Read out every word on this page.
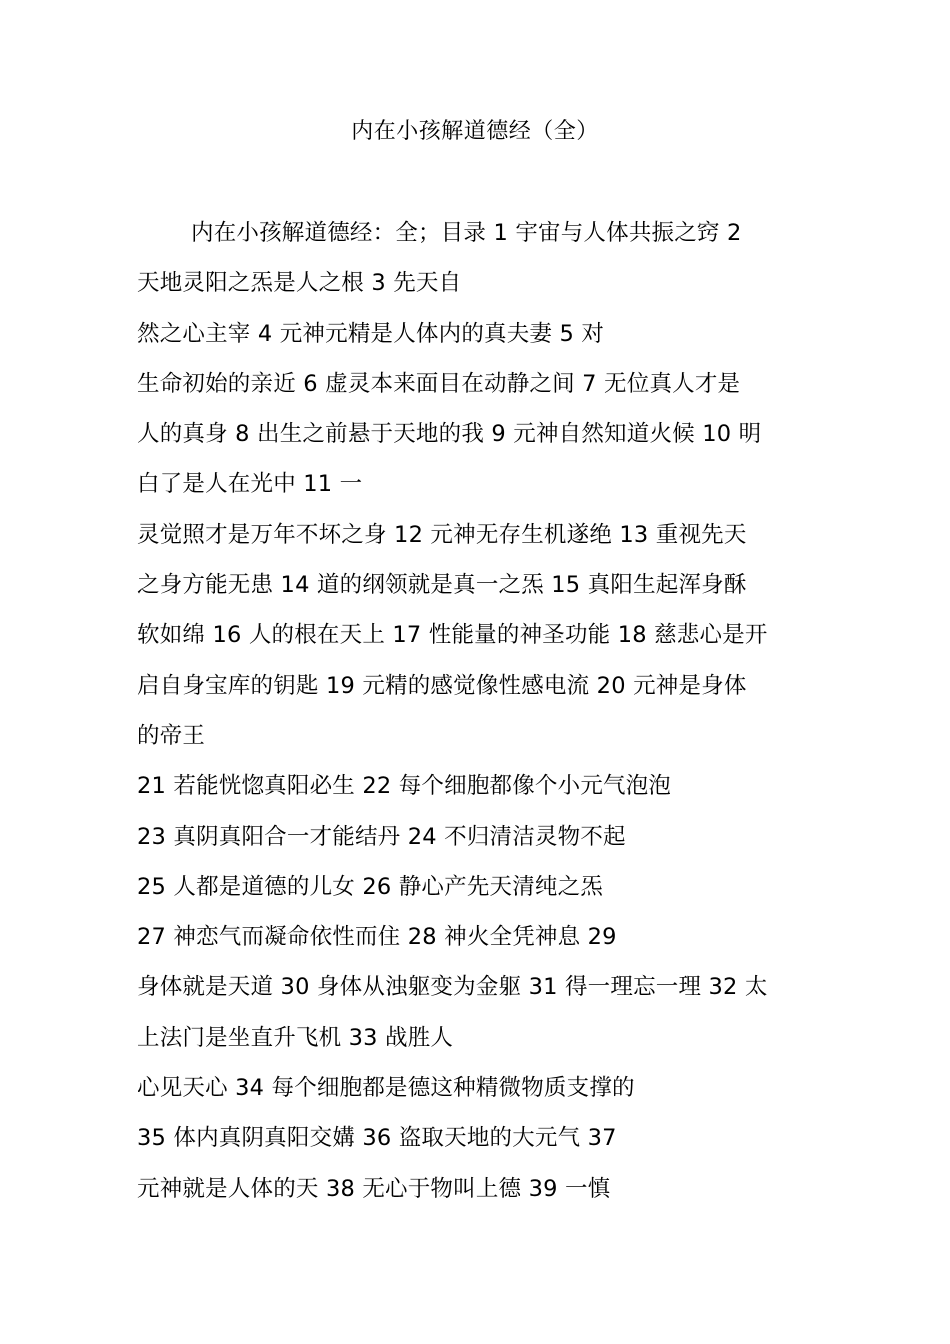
内在小孩解道德经（全）
内在小孩解道德经：全；目录 1 宇宙与人体共振之窍 2
天地灵阳之炁是人之根 3 先天自
然之心主宰 4 元神元精是人体内的真夫妻 5 对
生命初始的亲近 6 虚灵本来面目在动静之间 7 无位真人才是
人的真身 8 出生之前悬于天地的我 9 元神自然知道火候 10 明
白了是人在光中 11 一
灵觉照才是万年不坏之身 12 元神无存生机遂绝 13 重视先天
之身方能无患 14 道的纲领就是真一之炁 15 真阳生起浑身酥
软如绵 16 人的根在天上 17 性能量的神圣功能 18 慈悲心是开
启自身宝库的钥匙 19 元精的感觉像性感电流 20 元神是身体
的帝王
21 若能恍惚真阳必生 22 每个细胞都像个小元气泡泡
23 真阴真阳合一才能结丹 24 不归清洁灵物不起
25 人都是道德的儿女 26 静心产先天清纯之炁
27 神恋气而凝命依性而住 28 神火全凭神息 29
身体就是天道 30 身体从浊躯变为金躯 31 得一理忘一理 32 太
上法门是坐直升飞机 33 战胜人
心见天心 34 每个细胞都是德这种精微物质支撑的
35 体内真阴真阳交媾 36 盗取天地的大元气 37
元神就是人体的天 38 无心于物叫上德 39 一慎
